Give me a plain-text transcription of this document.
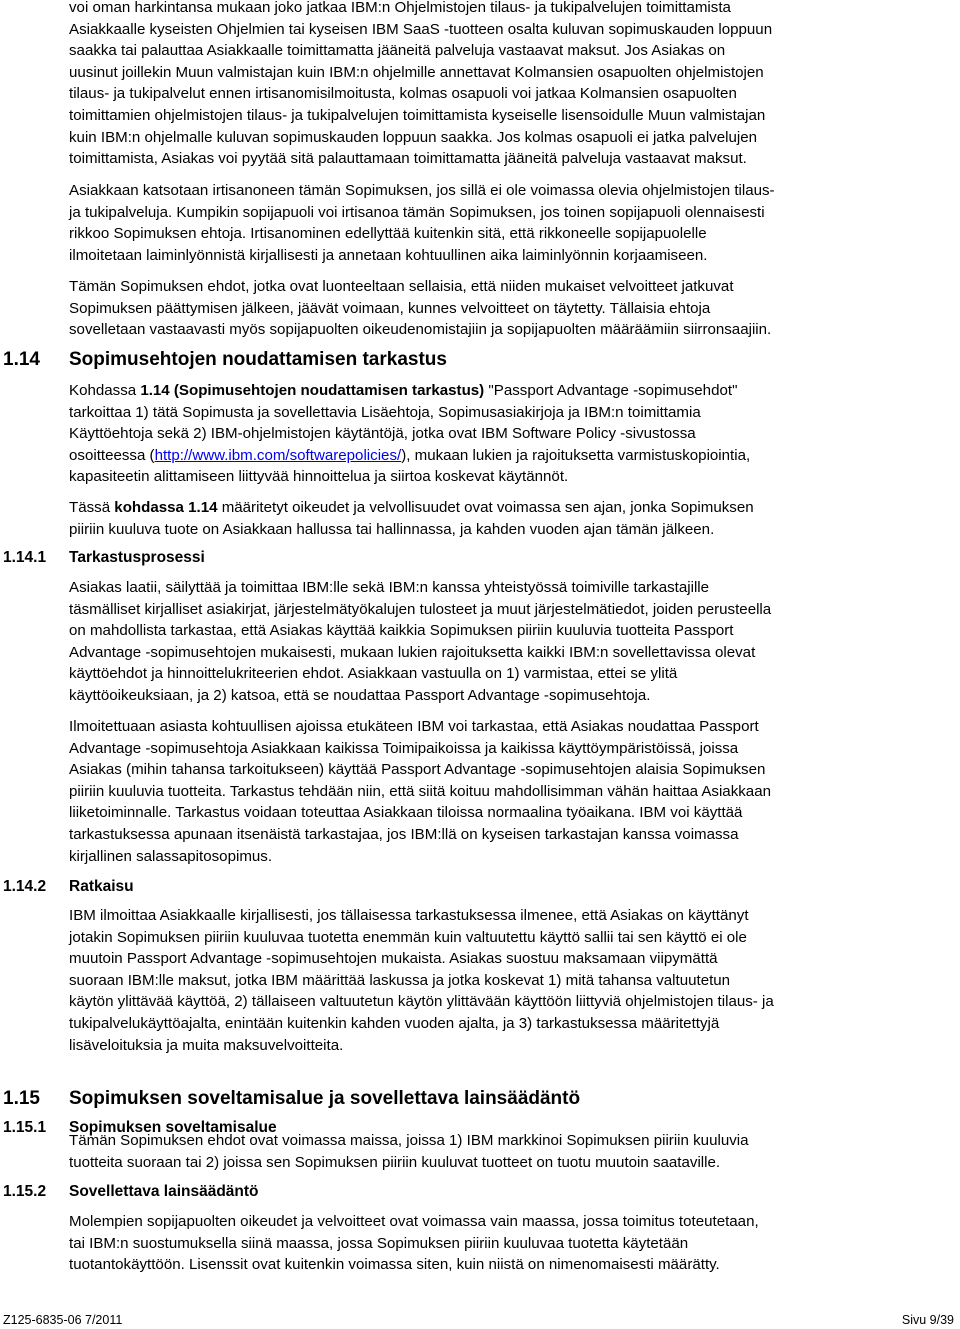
voi oman harkintansa mukaan joko jatkaa IBM:n Ohjelmistojen tilaus- ja tukipalvelujen toimittamista
Asiakkaalle kyseisten Ohjelmien tai kyseisen IBM SaaS -tuotteen osalta kuluvan sopimuskauden loppuun
saakka tai palauttaa Asiakkaalle toimittamatta jääneitä palveluja vastaavat maksut. Jos Asiakas on
uusinut joillekin Muun valmistajan kuin IBM:n ohjelmille annettavat Kolmansien osapuolten ohjelmistojen
tilaus- ja tukipalvelut ennen irtisanomisilmoitusta, kolmas osapuoli voi jatkaa Kolmansien osapuolten
toimittamien ohjelmistojen tilaus- ja tukipalvelujen toimittamista kyseiselle lisensoidulle Muun valmistajan
kuin IBM:n ohjelmalle kuluvan sopimuskauden loppuun saakka. Jos kolmas osapuoli ei jatka palvelujen
toimittamista, Asiakas voi pyytää sitä palauttamaan toimittamatta jääneitä palveluja vastaavat maksut.
Asiakkaan katsotaan irtisanoneen tämän Sopimuksen, jos sillä ei ole voimassa olevia ohjelmistojen tilaus-
ja tukipalveluja. Kumpikin sopijapuoli voi irtisanoa tämän Sopimuksen, jos toinen sopijapuoli olennaisesti
rikkoo Sopimuksen ehtoja. Irtisanominen edellyttää kuitenkin sitä, että rikkoneelle sopijapuolelle
ilmoitetaan laiminlyönnistä kirjallisesti ja annetaan kohtuullinen aika laiminlyönnin korjaamiseen.
Tämän Sopimuksen ehdot, jotka ovat luonteeltaan sellaisia, että niiden mukaiset velvoitteet jatkuvat
Sopimuksen päättymisen jälkeen, jäävät voimaan, kunnes velvoitteet on täytetty. Tällaisia ehtoja
sovelletaan vastaavasti myös sopijapuolten oikeudenomistajiin ja sopijapuolten määräämiin siirronsaajiin.
1.14 Sopimusehtojen noudattamisen tarkastus
Kohdassa 1.14 (Sopimusehtojen noudattamisen tarkastus) "Passport Advantage -sopimusehdot"
tarkoittaa 1) tätä Sopimusta ja sovellettavia Lisäehtoja, Sopimusasiakirjoja ja IBM:n toimittamia
Käyttöehtoja sekä 2) IBM-ohjelmistojen käytäntöjä, jotka ovat IBM Software Policy -sivustossa
osoitteessa (http://www.ibm.com/softwarepolicies/), mukaan lukien ja rajoituksetta varmistuskopiointia,
kapasiteetin alittamiseen liittyvää hinnoittelua ja siirtoa koskevat käytännöt.
Tässä kohdassa 1.14 määritetyt oikeudet ja velvollisuudet ovat voimassa sen ajan, jonka Sopimuksen
piiriin kuuluva tuote on Asiakkaan hallussa tai hallinnassa, ja kahden vuoden ajan tämän jälkeen.
1.14.1 Tarkastusprosessi
Asiakas laatii, säilyttää ja toimittaa IBM:lle sekä IBM:n kanssa yhteistyössä toimiville tarkastajille
täsmälliset kirjalliset asiakirjat, järjestelmätyökalujen tulosteet ja muut järjestelmätiedot, joiden perusteella
on mahdollista tarkastaa, että Asiakas käyttää kaikkia Sopimuksen piiriin kuuluvia tuotteita Passport
Advantage -sopimusehtojen mukaisesti, mukaan lukien rajoituksetta kaikki IBM:n sovellettavissa olevat
käyttöehdot ja hinnoittelukriteerien ehdot. Asiakkaan vastuulla on 1) varmistaa, ettei se ylitä
käyttöoikeuksiaan, ja 2) katsoa, että se noudattaa Passport Advantage -sopimusehtoja.
Ilmoitettuaan asiasta kohtuullisen ajoissa etukäteen IBM voi tarkastaa, että Asiakas noudattaa Passport
Advantage -sopimusehtoja Asiakkaan kaikissa Toimipaikoissa ja kaikissa käyttöympäristöissä, joissa
Asiakas (mihin tahansa tarkoitukseen) käyttää Passport Advantage -sopimusehtojen alaisia Sopimuksen
piiriin kuuluvia tuotteita. Tarkastus tehdään niin, että siitä koituu mahdollisimman vähän haittaa Asiakkaan
liiketoiminnalle. Tarkastus voidaan toteuttaa Asiakkaan tiloissa normaalina työaikana. IBM voi käyttää
tarkastuksessa apunaan itsenäistä tarkastajaa, jos IBM:llä on kyseisen tarkastajan kanssa voimassa
kirjallinen salassapitosopimus.
1.14.2 Ratkaisu
IBM ilmoittaa Asiakkaalle kirjallisesti, jos tällaisessa tarkastuksessa ilmenee, että Asiakas on käyttänyt
jotakin Sopimuksen piiriin kuuluvaa tuotetta enemmän kuin valtuutettu käyttö sallii tai sen käyttö ei ole
muutoin Passport Advantage -sopimusehtojen mukaista. Asiakas suostuu maksamaan viipymättä
suoraan IBM:lle maksut, jotka IBM määrittää laskussa ja jotka koskevat 1) mitä tahansa valtuutetun
käytön ylittävää käyttöä, 2) tällaiseen valtuutetun käytön ylittävään käyttöön liittyviä ohjelmistojen tilaus- ja
tukipalvelukäyttöajalta, enintään kuitenkin kahden vuoden ajalta, ja 3) tarkastuksessa määritettyjä
lisäveloituksia ja muita maksuvelvoitteita.
1.15 Sopimuksen soveltamisalue ja sovellettava lainsäädäntö
1.15.1 Sopimuksen soveltamisalue
Tämän Sopimuksen ehdot ovat voimassa maissa, joissa 1) IBM markkinoi Sopimuksen piiriin kuuluvia
tuotteita suoraan tai 2) joissa sen Sopimuksen piiriin kuuluvat tuotteet on tuotu muutoin saataville.
1.15.2 Sovellettava lainsäädäntö
Molempien sopijapuolten oikeudet ja velvoitteet ovat voimassa vain maassa, jossa toimitus toteutetaan,
tai IBM:n suostumuksella siinä maassa, jossa Sopimuksen piiriin kuuluvaa tuotetta käytetään
tuotantokäyttöön. Lisenssit ovat kuitenkin voimassa siten, kuin niistä on nimenomaisesti määrätty.
Z125-6835-06 7/2011	Sivu 9/39
